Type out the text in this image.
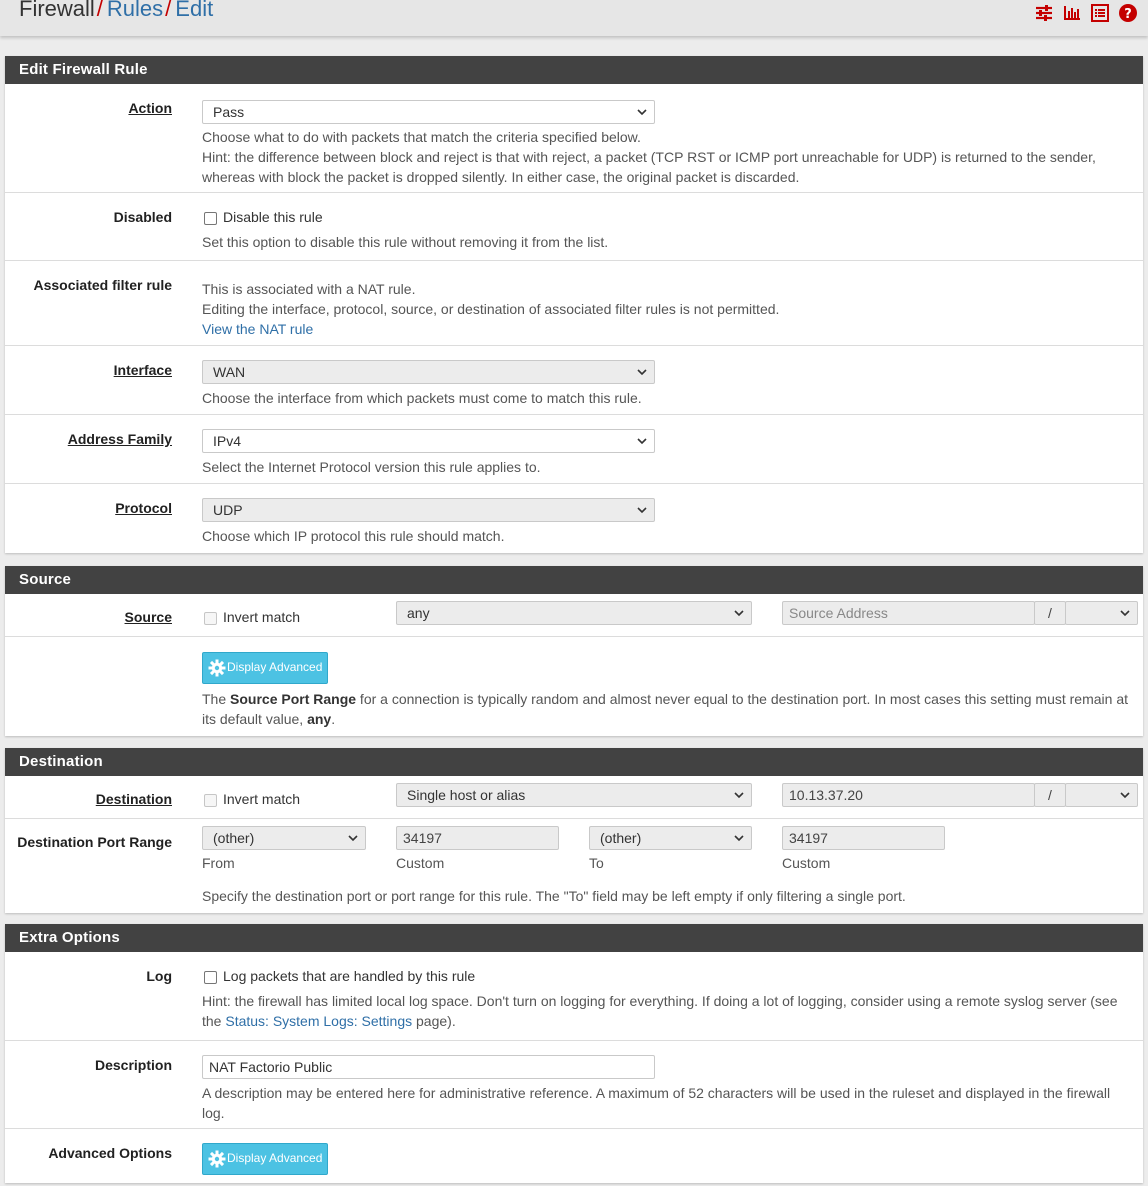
Firewall/ Rules/ Edit	?
Edit Firewall Rule
Action	Pass
Choose what to do with packets that match the criteria specified below.
Hint: the difference between block and reject is that with reject, a packet (TCP RST or ICMP port unreachable for UDP) is returned to the sender,
whereas with block the packet is dropped silently. In either case, the original packet is discarded.
Disabled	Disable this rule
Set this option to disable this rule without removing it from the list.
Associated filter rule This is associated with a NAT rule.
Editing the interface, protocol, source, or destination of associated filter rules is not permitted.
View the NAT rule
Interface	WAN
Choose the interface from which packets must come to match this rule.
Address Family	IPv4
Select the Internet Protocol version this rule applies to.
Protocol	UDP
Choose which IP protocol this rule should match.
Source
Source	Invert match	any	Source Address	/
Display Advanced
The Source Port Range for a connection is typically random and almost never equal to the destination port. In most cases this setting must remain at
its default value, any.
Destination
Destination	Invert match	Single host or alias	10.13.37.20	/
Destination Port Range	(other)	34197	(other)	34197
From	Custom	To	Custom
Specify the destination port or port range for this rule. The "To" field may be left empty if only filtering a single port.
Extra Options
Log	Log packets that are handled by this rule
Hint: the firewall has limited local log space. Don't turn on logging for everything. If doing a lot of logging, consider using a remote syslog server (see
the Status: System Logs: Settings page).
Description	NAT Factorio Public
A description may be entered here for administrative reference. A maximum of 52 characters will be used in the ruleset and displayed in the firewall
log.
Advanced Options	Display Advanced
